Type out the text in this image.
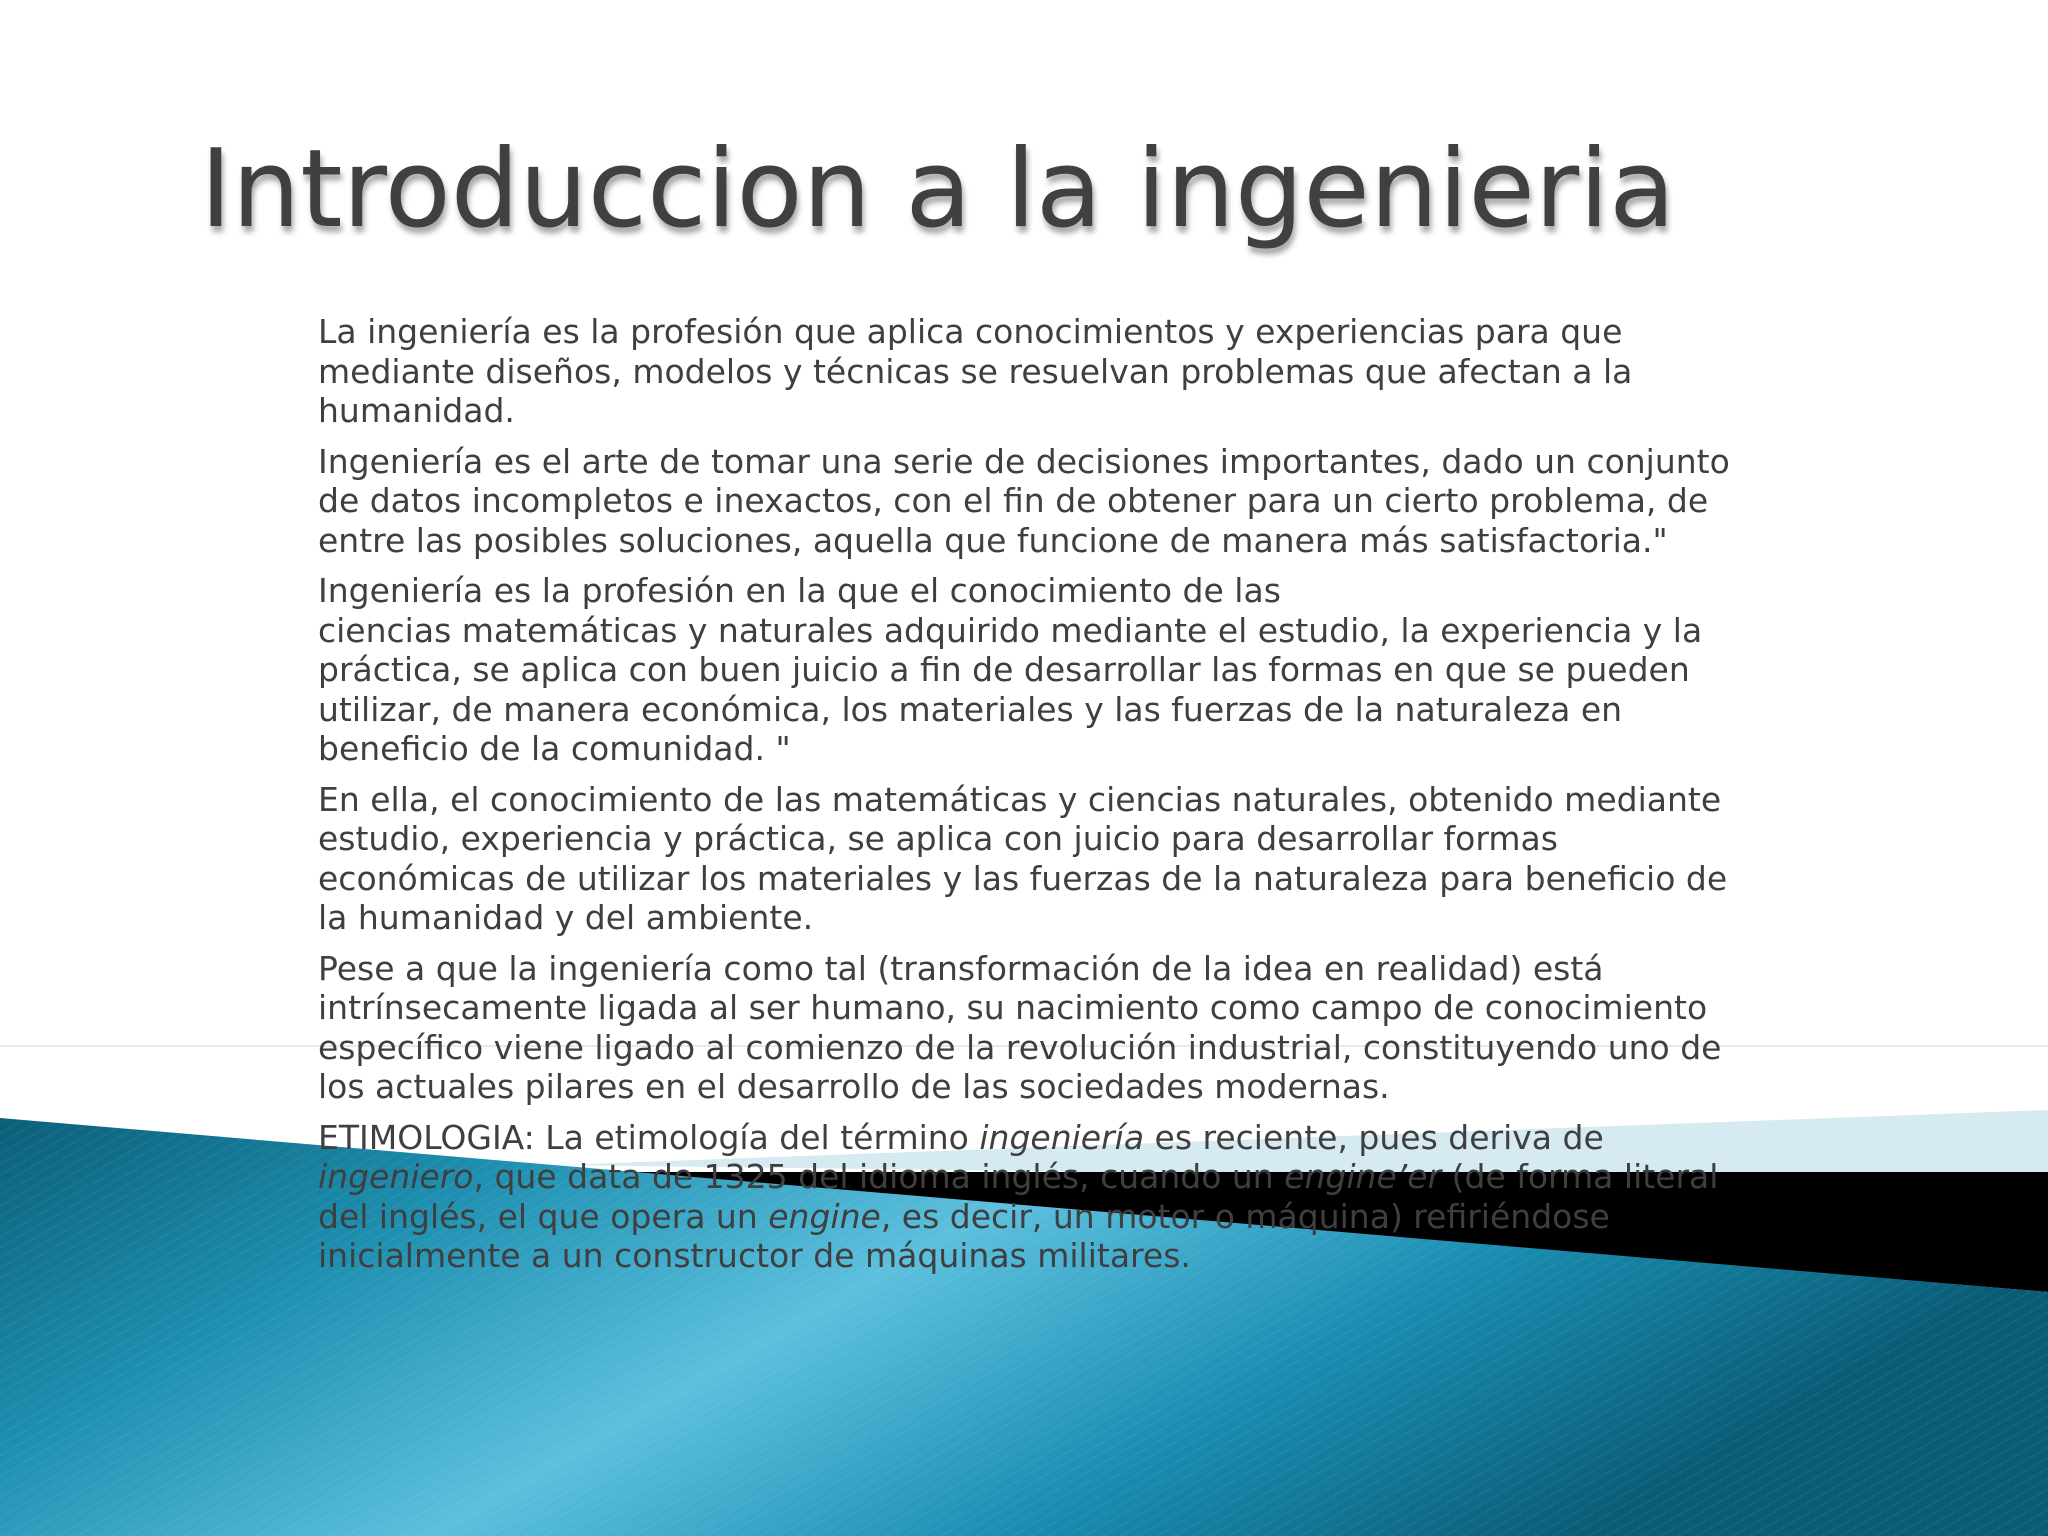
Introduccion a la ingenieria

La ingeniería es la profesión que aplica conocimientos y experiencias para que mediante diseños, modelos y técnicas se resuelvan problemas que afectan a la humanidad.

Ingeniería es el arte de tomar una serie de decisiones importantes, dado un conjunto de datos incompletos e inexactos, con el fin de obtener para un cierto problema, de entre las posibles soluciones, aquella que funcione de manera más satisfactoria."

Ingeniería es la profesión en la que el conocimiento de las

ciencias matemáticas y naturales adquirido mediante el estudio, la experiencia y la práctica, se aplica con buen juicio a fin de desarrollar las formas en que se pueden utilizar, de manera económica, los materiales y las fuerzas de la naturaleza en beneficio de la comunidad. "

En ella, el conocimiento de las matemáticas y ciencias naturales, obtenido mediante estudio, experiencia y práctica, se aplica con juicio para desarrollar formas económicas de utilizar los materiales y las fuerzas de la naturaleza para beneficio de la humanidad y del ambiente.

Pese a que la ingeniería como tal (transformación de la idea en realidad) está intrínsecamente ligada al ser humano, su nacimiento como campo de conocimiento específico viene ligado al comienzo de la revolución industrial, constituyendo uno de los actuales pilares en el desarrollo de las sociedades modernas.

ETIMOLOGIA: La etimología del término ingeniería es reciente, pues deriva de ingeniero, que data de 1325 del idioma inglés, cuando un engine’er (de forma literal del inglés, el que opera un engine, es decir, un motor o máquina) refiriéndose inicialmente a un constructor de máquinas militares.
